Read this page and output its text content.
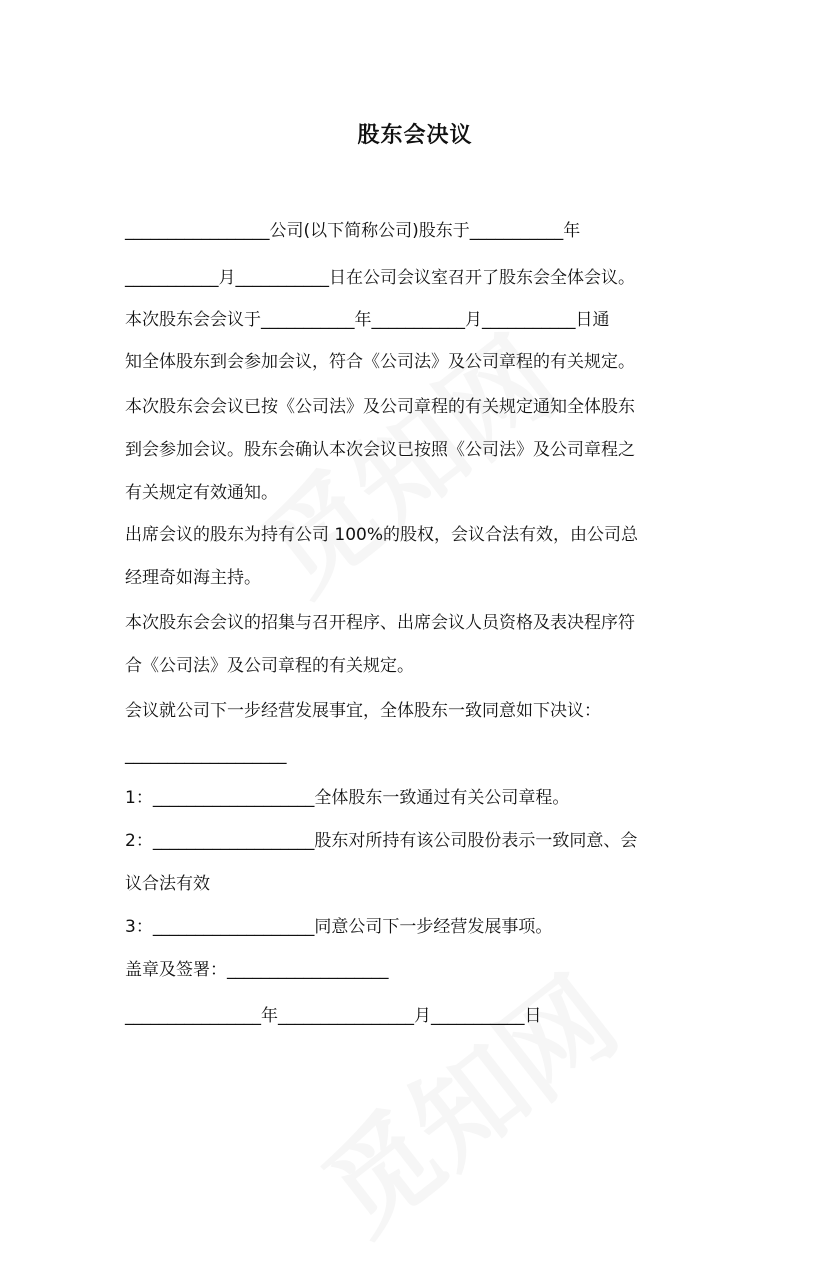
股东会决议
_________________公司(以下简称公司)股东于___________年
___________月___________日在公司会议室召开了股东会全体会议。
本次股东会会议于___________年___________月___________日通
知全体股东到会参加会议，符合《公司法》及公司章程的有关规定。
本次股东会会议已按《公司法》及公司章程的有关规定通知全体股东
到会参加会议。股东会确认本次会议已按照《公司法》及公司章程之
有关规定有效通知。
出席会议的股东为持有公司 100%的股权，会议合法有效，由公司总
经理奇如海主持。
本次股东会会议的招集与召开程序、出席会议人员资格及表决程序符
合《公司法》及公司章程的有关规定。
会议就公司下一步经营发展事宜，全体股东一致同意如下决议：
___________________
1：___________________全体股东一致通过有关公司章程。
2：___________________股东对所持有该公司股份表示一致同意、会
议合法有效
3：___________________同意公司下一步经营发展事项。
盖章及签署：___________________
________________年________________月___________日
